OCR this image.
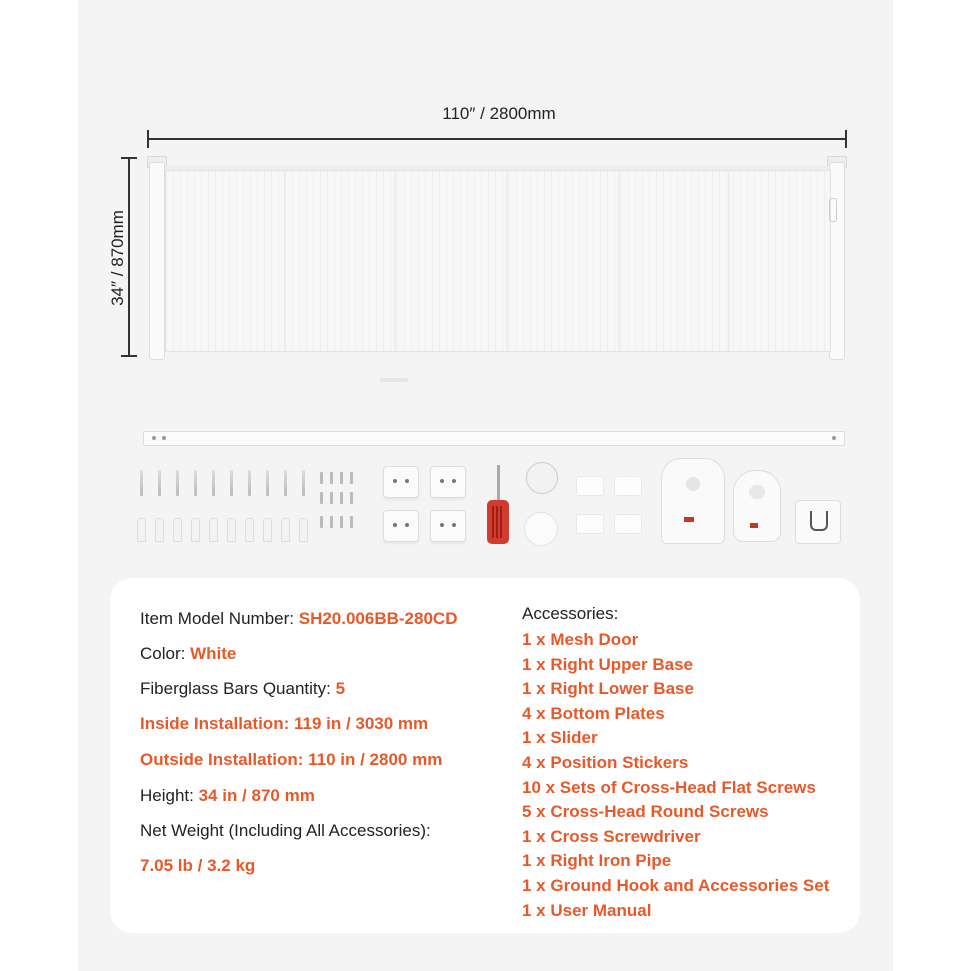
110″ / 2800mm
34″ / 870mm
Item Model Number: SH20.006BB-280CD
Color: White
Fiberglass Bars Quantity: 5
Inside Installation: 119 in / 3030 mm
Outside Installation: 110 in / 2800 mm
Height: 34 in / 870 mm
Net Weight (Including All Accessories):
7.05 lb / 3.2 kg
Accessories:
1 x Mesh Door
1 x Right Upper Base
1 x Right Lower Base
4 x Bottom Plates
1 x Slider
4 x Position Stickers
10 x Sets of Cross-Head Flat Screws
5 x Cross-Head Round Screws
1 x Cross Screwdriver
1 x Right Iron Pipe
1 x Ground Hook and Accessories Set
1 x User Manual
